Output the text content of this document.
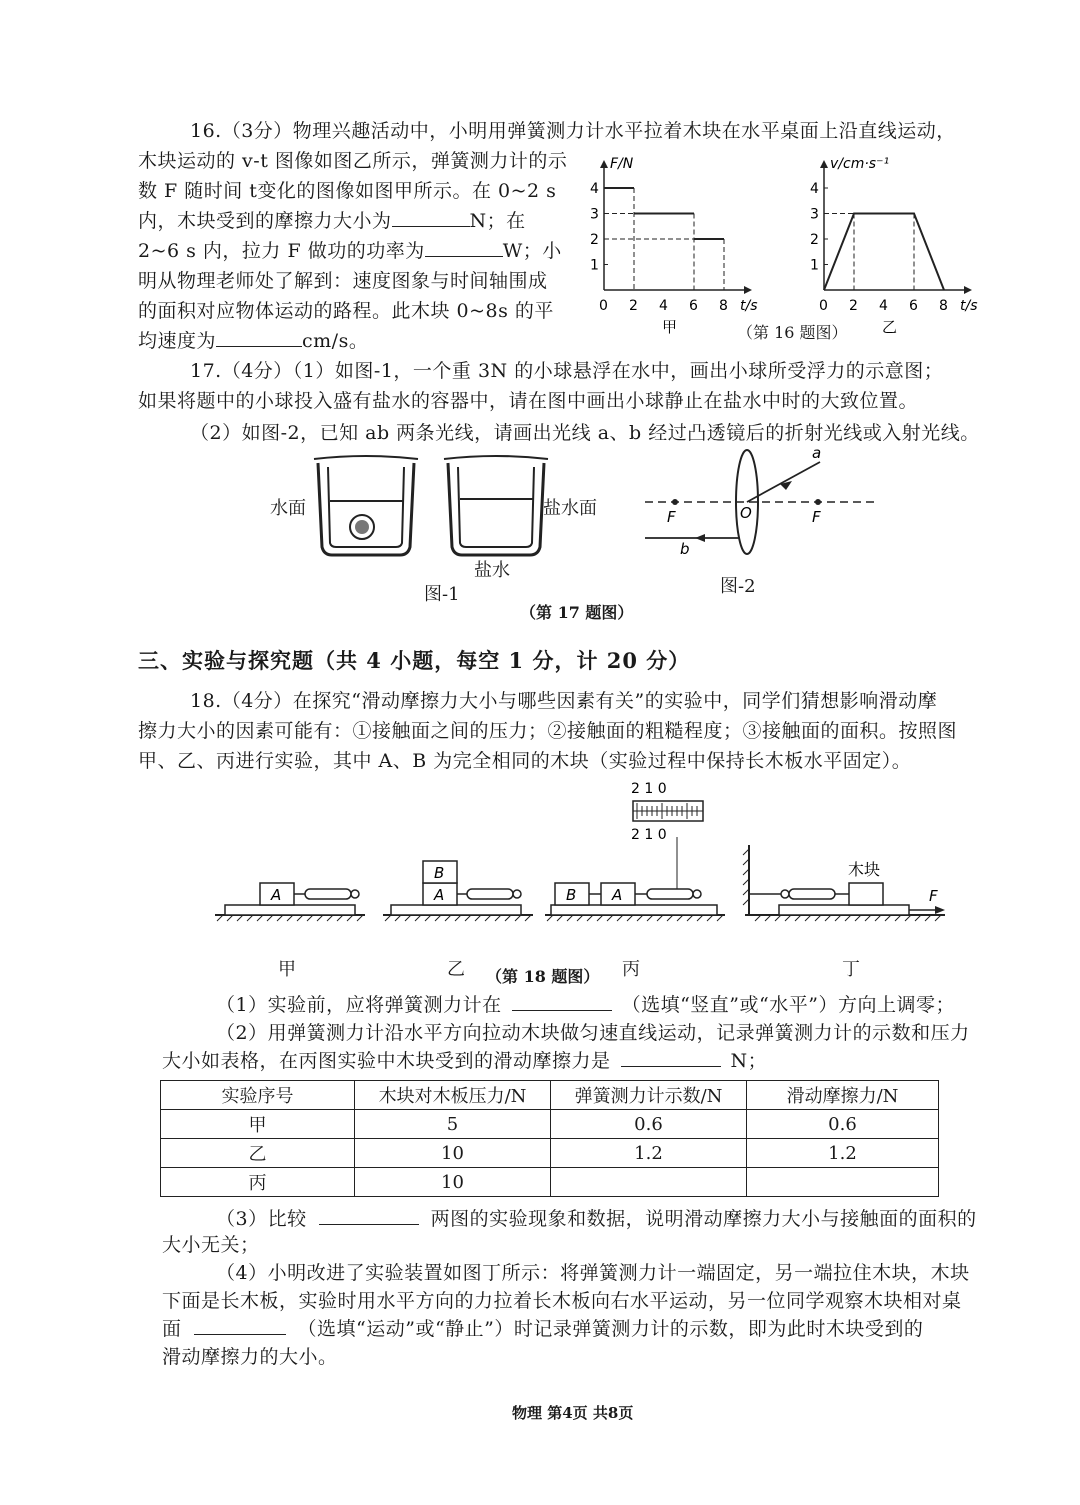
16.（3分）物理兴趣活动中，小明用弹簧测力计水平拉着木块在水平桌面上沿直线运动，
木块运动的 v-t 图像如图乙所示，弹簧测力计的示
数 F 随时间 t变化的图像如图甲所示。在 0~2 s
内，木块受到的摩擦力大小为	N；在
2~6 s 内，拉力 F 做功的功率为	W；小
明从物理老师处了解到：速度图象与时间轴围成
的面积对应物体运动的路程。此木块 0~8s 的平
均速度为	cm/s。
0 2 4 6 8
1
2
3
4
t/s
F/N
甲
0 2 4 6 8
1
2
3
4
t/s
v/cm·s⁻¹
乙
（第 16 题图）
17.（4分）（1）如图-1，一个重 3N 的小球悬浮在水中，画出小球所受浮力的示意图；
如果将题中的小球投入盛有盐水的容器中，请在图中画出小球静止在盐水中时的大致位置。
（2）如图-2，已知 ab 两条光线，请画出光线 a、b 经过凸透镜后的折射光线或入射光线。
水面	盐水面
盐水
图-1
F	F
O
a
b
图-2
（第 17 题图）
三、实验与探究题（共 4 小题，每空 1 分，计 20 分）
18.（4分）在探究“滑动摩擦力大小与哪些因素有关”的实验中，同学们猜想影响滑动摩
擦力大小的因素可能有：①接触面之间的压力；②接触面的粗糙程度；③接触面的面积。按照图
甲、乙、丙进行实验，其中 A、B 为完全相同的木块（实验过程中保持长木板水平固定）。
A	A
B
B A
2 1 0
2 1 0
木块
F
甲	乙	丙	丁
（第 18 题图）
（1）实验前，应将弹簧测力计在	（选填“竖直”或“水平”）方向上调零；
（2）用弹簧测力计沿水平方向拉动木块做匀速直线运动，记录弹簧测力计的示数和压力
大小如表格，在丙图实验中木块受到的滑动摩擦力是	N；
实验序号	木块对木板压力/N	弹簧测力计示数/N	滑动摩擦力/N
甲	5	0.6	0.6
乙	10	1.2	1.2
丙	10		
（3）比较	两图的实验现象和数据，说明滑动摩擦力大小与接触面的面积的
大小无关；
（4）小明改进了实验装置如图丁所示：将弹簧测力计一端固定，另一端拉住木块，木块
下面是长木板，实验时用水平方向的力拉着长木板向右水平运动，另一位同学观察木块相对桌
面	（选填“运动”或“静止”）时记录弹簧测力计的示数，即为此时木块受到的
滑动摩擦力的大小。
物理 第4页 共8页
